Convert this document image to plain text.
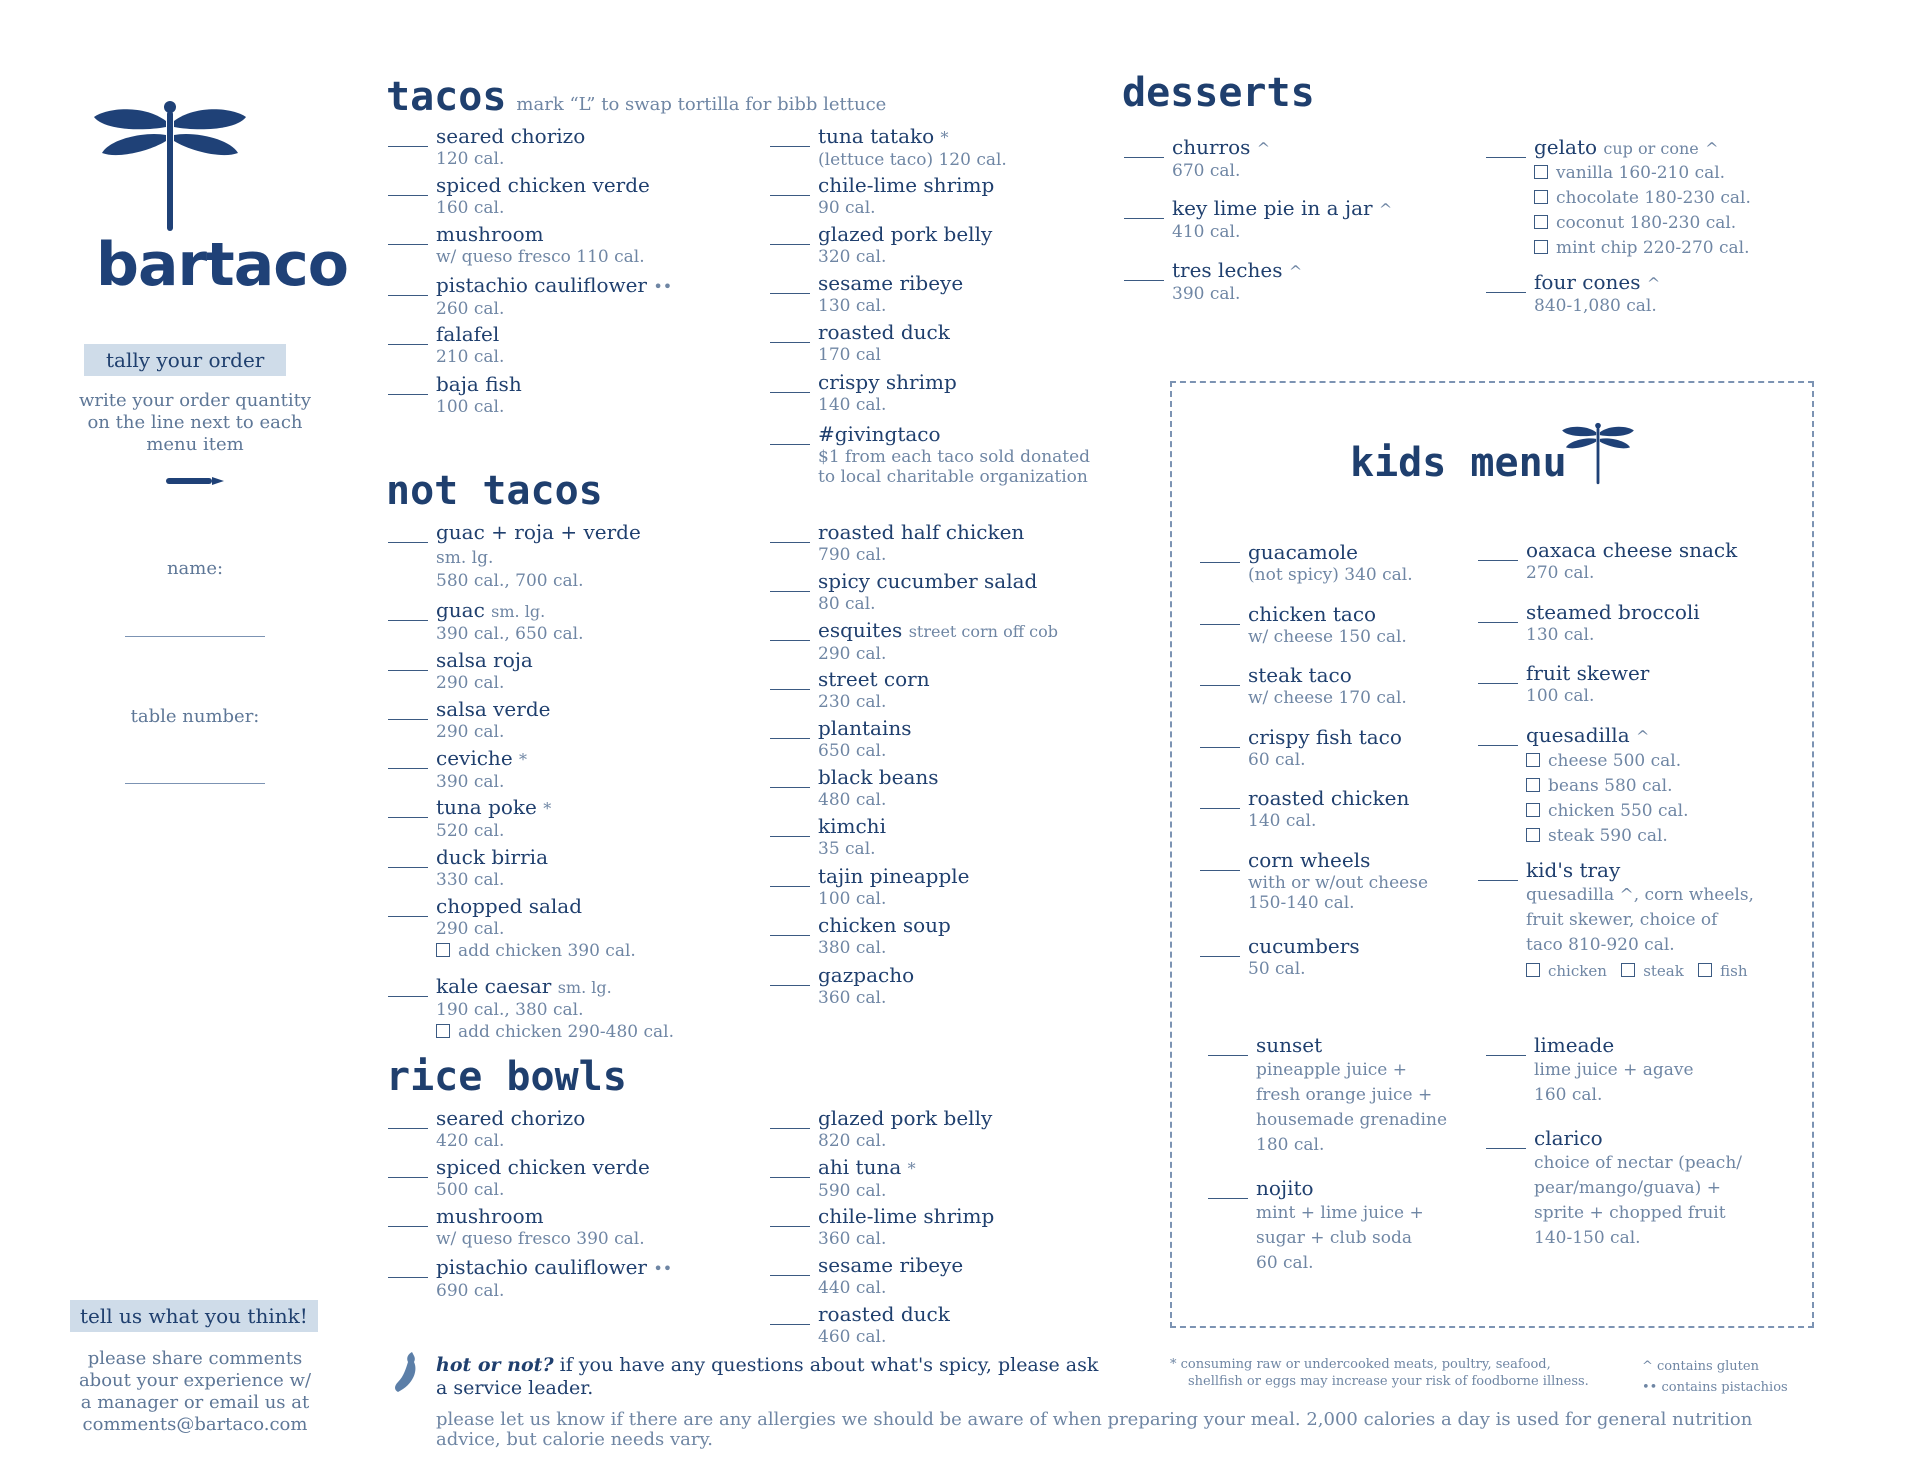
bartaco
tally your order
write your order quantity
on the line next to each
menu item
name:
table number:
tell us what you think!
please share comments
about your experience w/
a manager or email us at
comments@bartaco.com
tacos mark “L” to swap tortilla for bibb lettuce
not tacos
rice bowls
desserts
seared chorizo
120 cal.
spiced chicken verde
160 cal.
mushroom
w/ queso fresco 110 cal.
pistachio cauliflower ••
260 cal.
falafel
210 cal.
baja fish
100 cal.
tuna tatako *
(lettuce taco) 120 cal.
chile-lime shrimp
90 cal.
glazed pork belly
320 cal.
sesame ribeye
130 cal.
roasted duck
170 cal
crispy shrimp
140 cal.
#givingtaco
$1 from each taco sold donated
to local charitable organization
guac + roja + verde
sm. lg.
580 cal., 700 cal.
guac sm. lg.
390 cal., 650 cal.
salsa roja
290 cal.
salsa verde
290 cal.
ceviche *
390 cal.
tuna poke *
520 cal.
duck birria
330 cal.
chopped salad
290 cal.
add chicken 390 cal.
kale caesar sm. lg.
190 cal., 380 cal.
add chicken 290-480 cal.
roasted half chicken
790 cal.
spicy cucumber salad
80 cal.
esquites street corn off cob
290 cal.
street corn
230 cal.
plantains
650 cal.
black beans
480 cal.
kimchi
35 cal.
tajin pineapple
100 cal.
chicken soup
380 cal.
gazpacho
360 cal.
seared chorizo
420 cal.
spiced chicken verde
500 cal.
mushroom
w/ queso fresco 390 cal.
pistachio cauliflower ••
690 cal.
glazed pork belly
820 cal.
ahi tuna *
590 cal.
chile-lime shrimp
360 cal.
sesame ribeye
440 cal.
roasted duck
460 cal.
churros ^
670 cal.
key lime pie in a jar ^
410 cal.
tres leches ^
390 cal.
gelato cup or cone ^
vanilla 160-210 cal.
chocolate 180-230 cal.
coconut 180-230 cal.
mint chip 220-270 cal.
four cones ^
840-1,080 cal.
kids menu
guacamole
(not spicy) 340 cal.
chicken taco
w/ cheese 150 cal.
steak taco
w/ cheese 170 cal.
crispy fish taco
60 cal.
roasted chicken
140 cal.
corn wheels
with or w/out cheese
150-140 cal.
cucumbers
50 cal.
oaxaca cheese snack
270 cal.
steamed broccoli
130 cal.
fruit skewer
100 cal.
quesadilla ^
cheese 500 cal.
beans 580 cal.
chicken 550 cal.
steak 590 cal.
kid's tray
quesadilla ^, corn wheels,
fruit skewer, choice of
taco 810-920 cal.
chicken steak fish
sunset
pineapple juice +
fresh orange juice +
housemade grenadine
180 cal.
nojito
mint + lime juice +
sugar + club soda
60 cal.
limeade
lime juice + agave
160 cal.
clarico
choice of nectar (peach/
pear/mango/guava) +
sprite + chopped fruit
140-150 cal.
hot or not? if you have any questions about what's spicy, please ask
a service leader.
please let us know if there are any allergies we should be aware of when preparing your meal. 2,000 calories a day is used for general nutrition
advice, but calorie needs vary.
* consuming raw or undercooked meats, poultry, seafood,
shellfish or eggs may increase your risk of foodborne illness.
^ contains gluten
•• contains pistachios
